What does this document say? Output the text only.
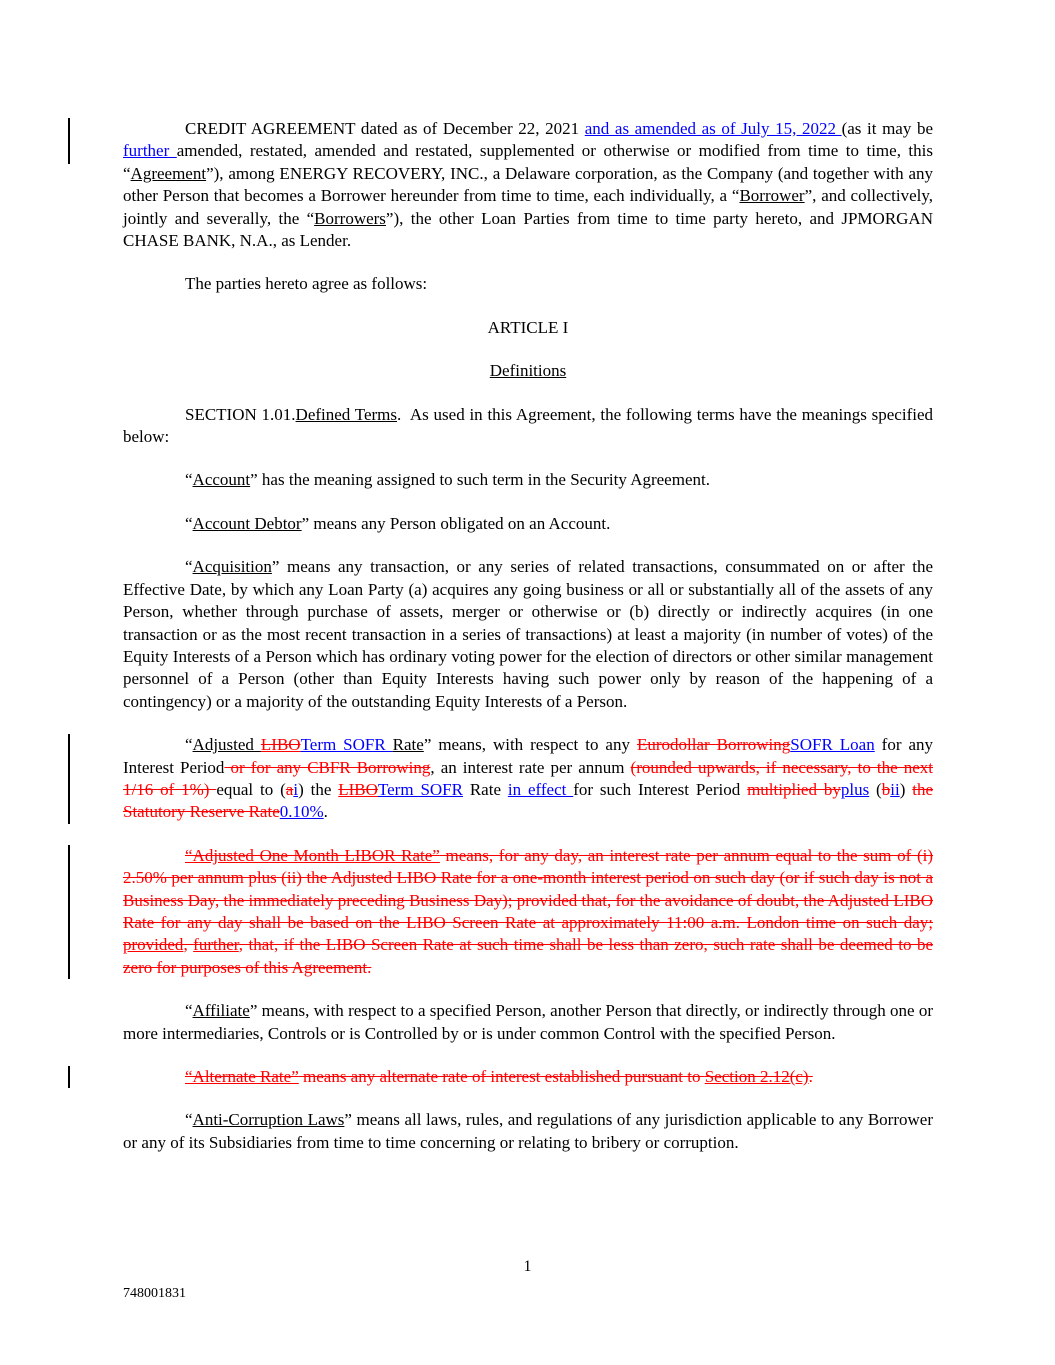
CREDIT AGREEMENT dated as of December 22, 2021 and as amended as of July 15, 2022 (as it may be further amended, restated, amended and restated, supplemented or otherwise or modified from time to time, this “Agreement”), among ENERGY RECOVERY, INC., a Delaware corporation, as the Company (and together with any other Person that becomes a Borrower hereunder from time to time, each individually, a “Borrower”, and collectively, jointly and severally, the “Borrowers”), the other Loan Parties from time to time party hereto, and JPMORGAN CHASE BANK, N.A., as Lender.

The parties hereto agree as follows:

ARTICLE I

Definitions

SECTION 1.01.Defined Terms.  As used in this Agreement, the following terms have the meanings specified below:

“Account” has the meaning assigned to such term in the Security Agreement.

“Account Debtor” means any Person obligated on an Account.

“Acquisition” means any transaction, or any series of related transactions, consummated on or after the Effective Date, by which any Loan Party (a) acquires any going business or all or substantially all of the assets of any Person, whether through purchase of assets, merger or otherwise or (b) directly or indirectly acquires (in one transaction or as the most recent transaction in a series of transactions) at least a majority (in number of votes) of the Equity Interests of a Person which has ordinary voting power for the election of directors or other similar management personnel of a Person (other than Equity Interests having such power only by reason of the happening of a contingency) or a majority of the outstanding Equity Interests of a Person.

“Adjusted LIBOTerm SOFR Rate” means, with respect to any Eurodollar BorrowingSOFR Loan for any Interest Period or for any CBFR Borrowing, an interest rate per annum (rounded upwards, if necessary, to the next 1/16 of 1%) equal to (ai) the LIBOTerm SOFR Rate in effect for such Interest Period multiplied byplus (bii) the Statutory Reserve Rate0.10%.

“Adjusted One Month LIBOR Rate” means, for any day, an interest rate per annum equal to the sum of (i) 2.50% per annum plus (ii) the Adjusted LIBO Rate for a one-month interest period on such day (or if such day is not a Business Day, the immediately preceding Business Day); provided that, for the avoidance of doubt, the Adjusted LIBO Rate for any day shall be based on the LIBO Screen Rate at approximately 11:00 a.m. London time on such day; provided, further, that, if the LIBO Screen Rate at such time shall be less than zero, such rate shall be deemed to be zero for purposes of this Agreement.

“Affiliate” means, with respect to a specified Person, another Person that directly, or indirectly through one or more intermediaries, Controls or is Controlled by or is under common Control with the specified Person.

“Alternate Rate” means any alternate rate of interest established pursuant to Section 2.12(c).

“Anti-Corruption Laws” means all laws, rules, and regulations of any jurisdiction applicable to any Borrower or any of its Subsidiaries from time to time concerning or relating to bribery or corruption.

1
748001831
